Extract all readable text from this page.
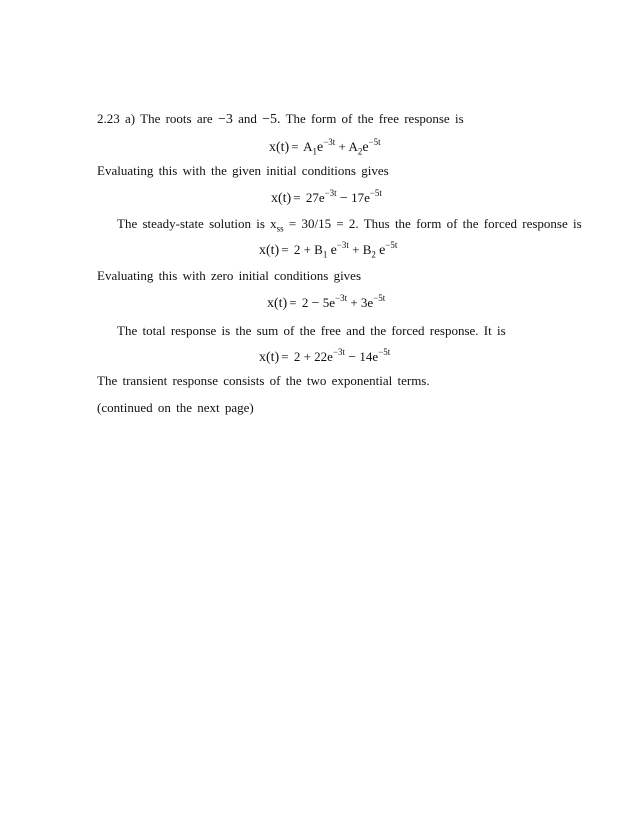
2.23 a) The roots are −3 and −5. The form of the free response is
$x(t) = A_1e^{-3t} + A_2e^{-5t}$
Evaluating this with the given initial conditions gives
$x(t) = 27e^{-3t} - 17e^{-5t}$
The steady-state solution is $x_{ss} = 30/15 = 2$. Thus the form of the forced response is
$x(t) = 2 + B_1$ $e^{-3t} + B_2$ $e^{-5t}$
Evaluating this with zero initial conditions gives
$x(t) = 2 - 5e^{-3t} + 3e^{-5t}$
The total response is the sum of the free and the forced response. It is
$x(t) = 2 + 22e^{-3t} - 14e^{-5t}$
The transient response consists of the two exponential terms.
(continued on the next page)
